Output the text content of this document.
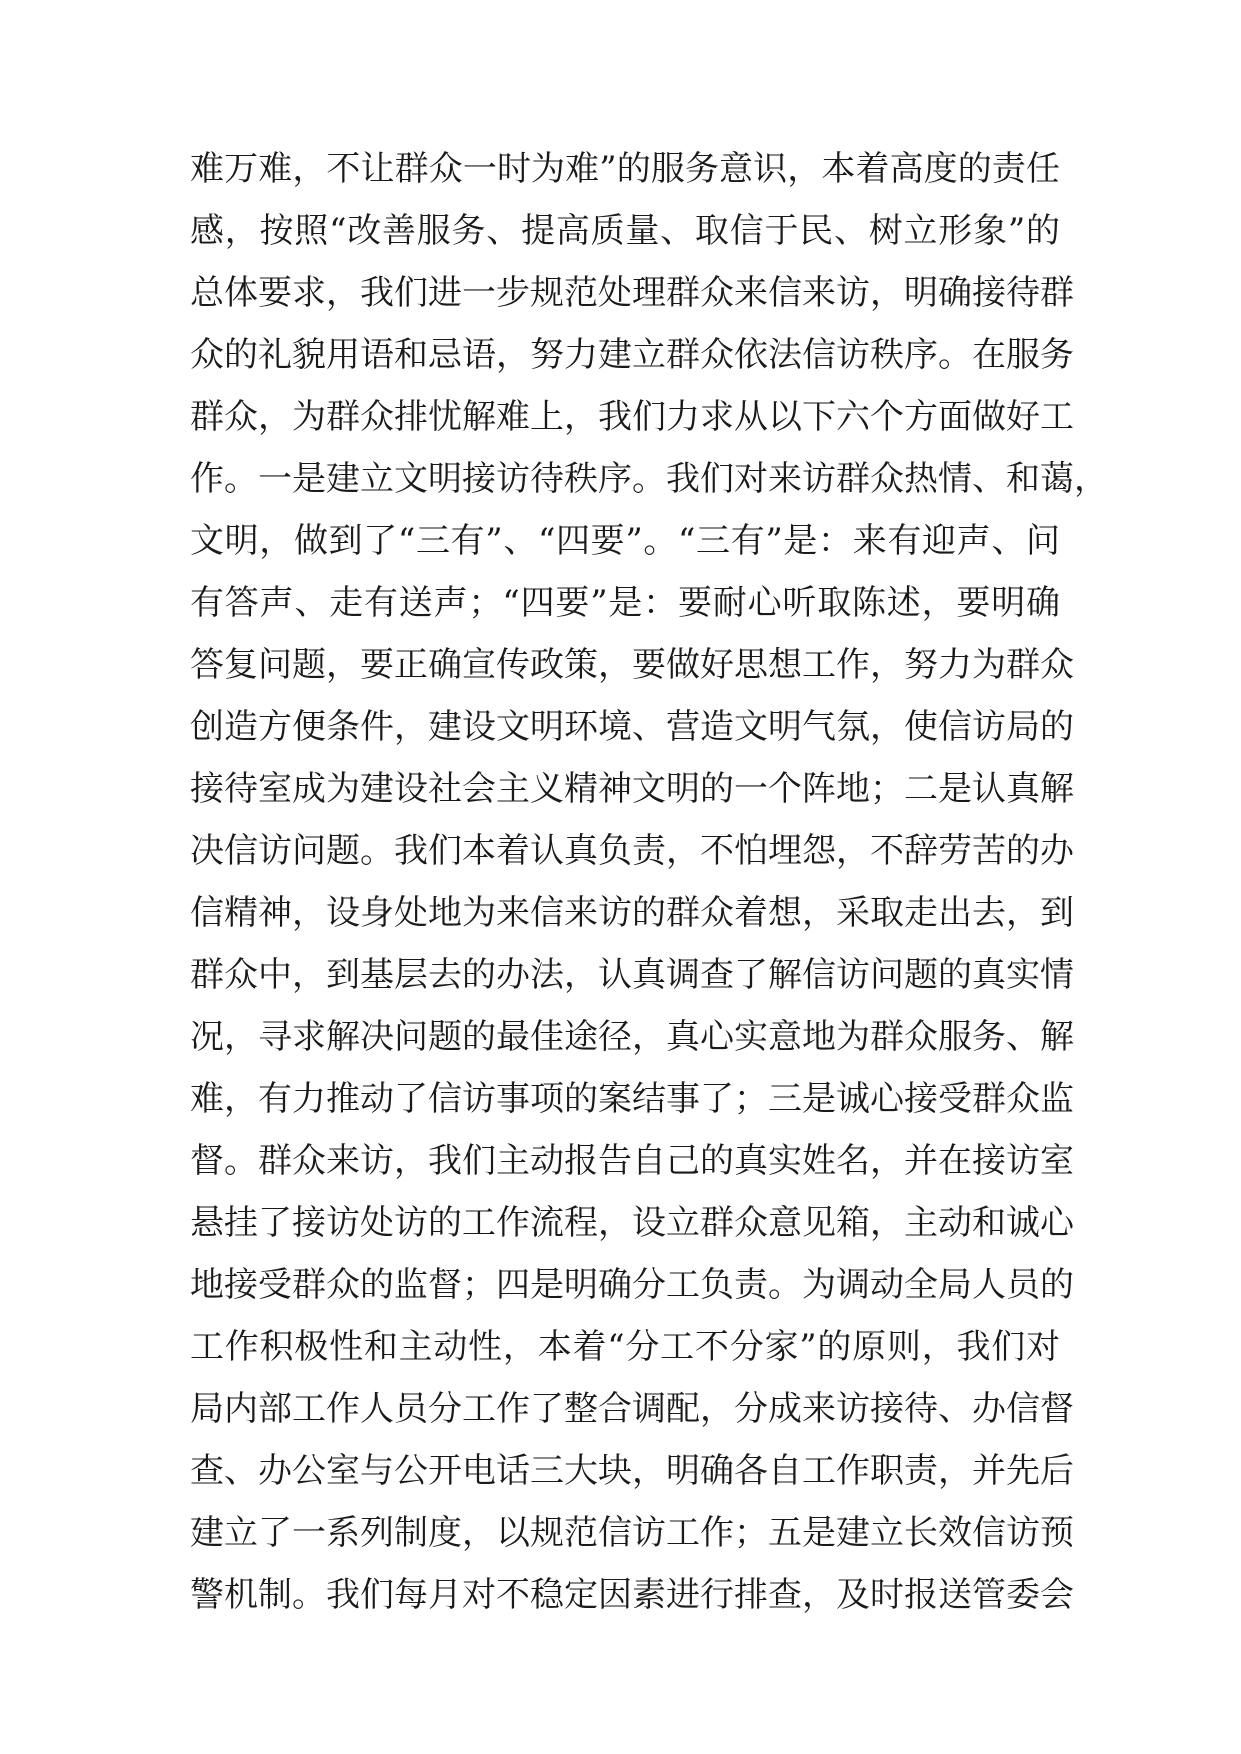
难万难，不让群众一时为难”的服务意识，本着高度的责任
感，按照“改善服务、提高质量、取信于民、树立形象”的
总体要求，我们进一步规范处理群众来信来访，明确接待群
众的礼貌用语和忌语，努力建立群众依法信访秩序。在服务
群众，为群众排忧解难上，我们力求从以下六个方面做好工
作。一是建立文明接访待秩序。我们对来访群众热情、和蔼，
文明，做到了“三有”、“四要”。“三有”是：来有迎声、问
有答声、走有送声；“四要”是：要耐心听取陈述，要明确
答复问题，要正确宣传政策，要做好思想工作，努力为群众
创造方便条件，建设文明环境、营造文明气氛，使信访局的
接待室成为建设社会主义精神文明的一个阵地；二是认真解
决信访问题。我们本着认真负责，不怕埋怨，不辞劳苦的办
信精神，设身处地为来信来访的群众着想，采取走出去，到
群众中，到基层去的办法，认真调查了解信访问题的真实情
况，寻求解决问题的最佳途径，真心实意地为群众服务、解
难，有力推动了信访事项的案结事了；三是诚心接受群众监
督。群众来访，我们主动报告自己的真实姓名，并在接访室
悬挂了接访处访的工作流程，设立群众意见箱，主动和诚心
地接受群众的监督；四是明确分工负责。为调动全局人员的
工作积极性和主动性，本着“分工不分家”的原则，我们对
局内部工作人员分工作了整合调配，分成来访接待、办信督
查、办公室与公开电话三大块，明确各自工作职责，并先后
建立了一系列制度，以规范信访工作；五是建立长效信访预
警机制。我们每月对不稳定因素进行排查，及时报送管委会
